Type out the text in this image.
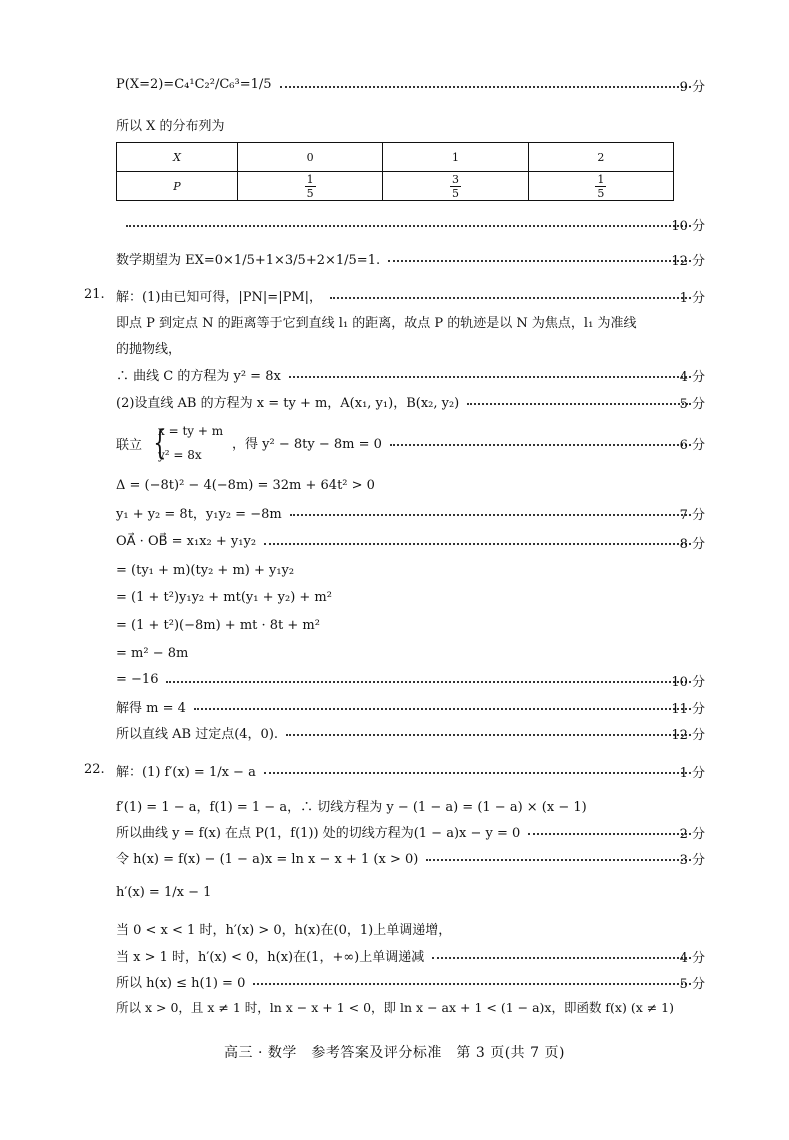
P(X=2)=C₄¹C₂²/C₆³=1/5	9 分
所以 X 的分布列为
X	0	1	2
P	$\frac{1}{5}$	$\frac{3}{5}$	$\frac{1}{5}$
10 分
数学期望为 EX=0×1/5+1×3/5+2×1/5=1.	12 分
21. 解：(1)由已知可得，|PN|=|PM|，	1 分
即点 P 到定点 N 的距离等于它到直线 l₁ 的距离，故点 P 的轨迹是以 N 为焦点，l₁ 为准线
的抛物线，
∴ 曲线 C 的方程为 y² = 8x	4 分
(2)设直线 AB 的方程为 x = ty + m，A(x₁, y₁)，B(x₂, y₂)	5 分
联立 {
x = ty + m
y² = 8x
，得 y² − 8ty − 8m = 0	6 分
Δ = (−8t)² − 4(−8m) = 32m + 64t² > 0
y₁ + y₂ = 8t，y₁y₂ = −8m	7 分
OA⃗ · OB⃗ = x₁x₂ + y₁y₂	8 分
= (ty₁ + m)(ty₂ + m) + y₁y₂
= (1 + t²)y₁y₂ + mt(y₁ + y₂) + m²
= (1 + t²)(−8m) + mt · 8t + m²
= m² − 8m
= −16	10 分
解得 m = 4	11 分
所以直线 AB 过定点(4，0).	12 分
22. 解：(1) f′(x) = 1/x − a	1 分
f′(1) = 1 − a，f(1) = 1 − a，∴ 切线方程为 y − (1 − a) = (1 − a) × (x − 1)
所以曲线 y = f(x) 在点 P(1，f(1)) 处的切线方程为(1 − a)x − y = 0	2 分
令 h(x) = f(x) − (1 − a)x = ln x − x + 1 (x > 0)	3 分
h′(x) = 1/x − 1
当 0 < x < 1 时，h′(x) > 0，h(x)在(0，1)上单调递增，
当 x > 1 时，h′(x) < 0，h(x)在(1，+∞)上单调递减	4 分
所以 h(x) ≤ h(1) = 0	5 分
所以 x > 0，且 x ≠ 1 时，ln x − x + 1 < 0，即 ln x − ax + 1 < (1 − a)x，即函数 f(x) (x ≠ 1)
高三 · 数学　参考答案及评分标准　第 3 页(共 7 页)
